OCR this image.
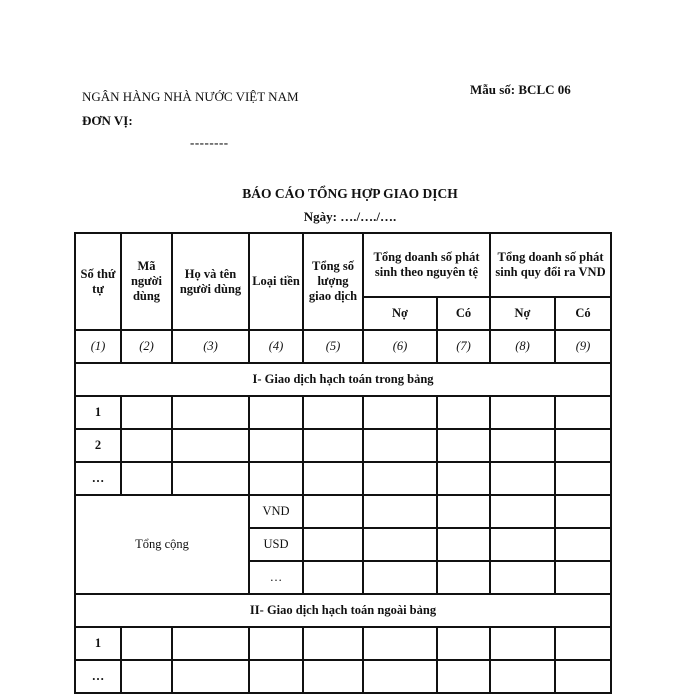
NGÂN HÀNG NHÀ NƯỚC VIỆT NAM
ĐƠN VỊ:
--------
Mẫu số: BCLC 06
BÁO CÁO TỔNG HỢP GIAO DỊCH
Ngày: …./…./….
Số thứ tự	Mã người dùng	Họ và tên người dùng	Loại tiền	Tổng số lượng giao dịch	Tổng doanh số phát sinh theo nguyên tệ		Tổng doanh số phát sinh quy đổi ra VND	
					Nợ	Có	Nợ	Có
(1)	(2)	(3)	(4)	(5)	(6)	(7)	(8)	(9)
I- Giao dịch hạch toán trong bảng								
1								
2								
…								
Tổng cộng			VND					
			USD					
			…					
II- Giao dịch hạch toán ngoài bảng								
1								
…								
